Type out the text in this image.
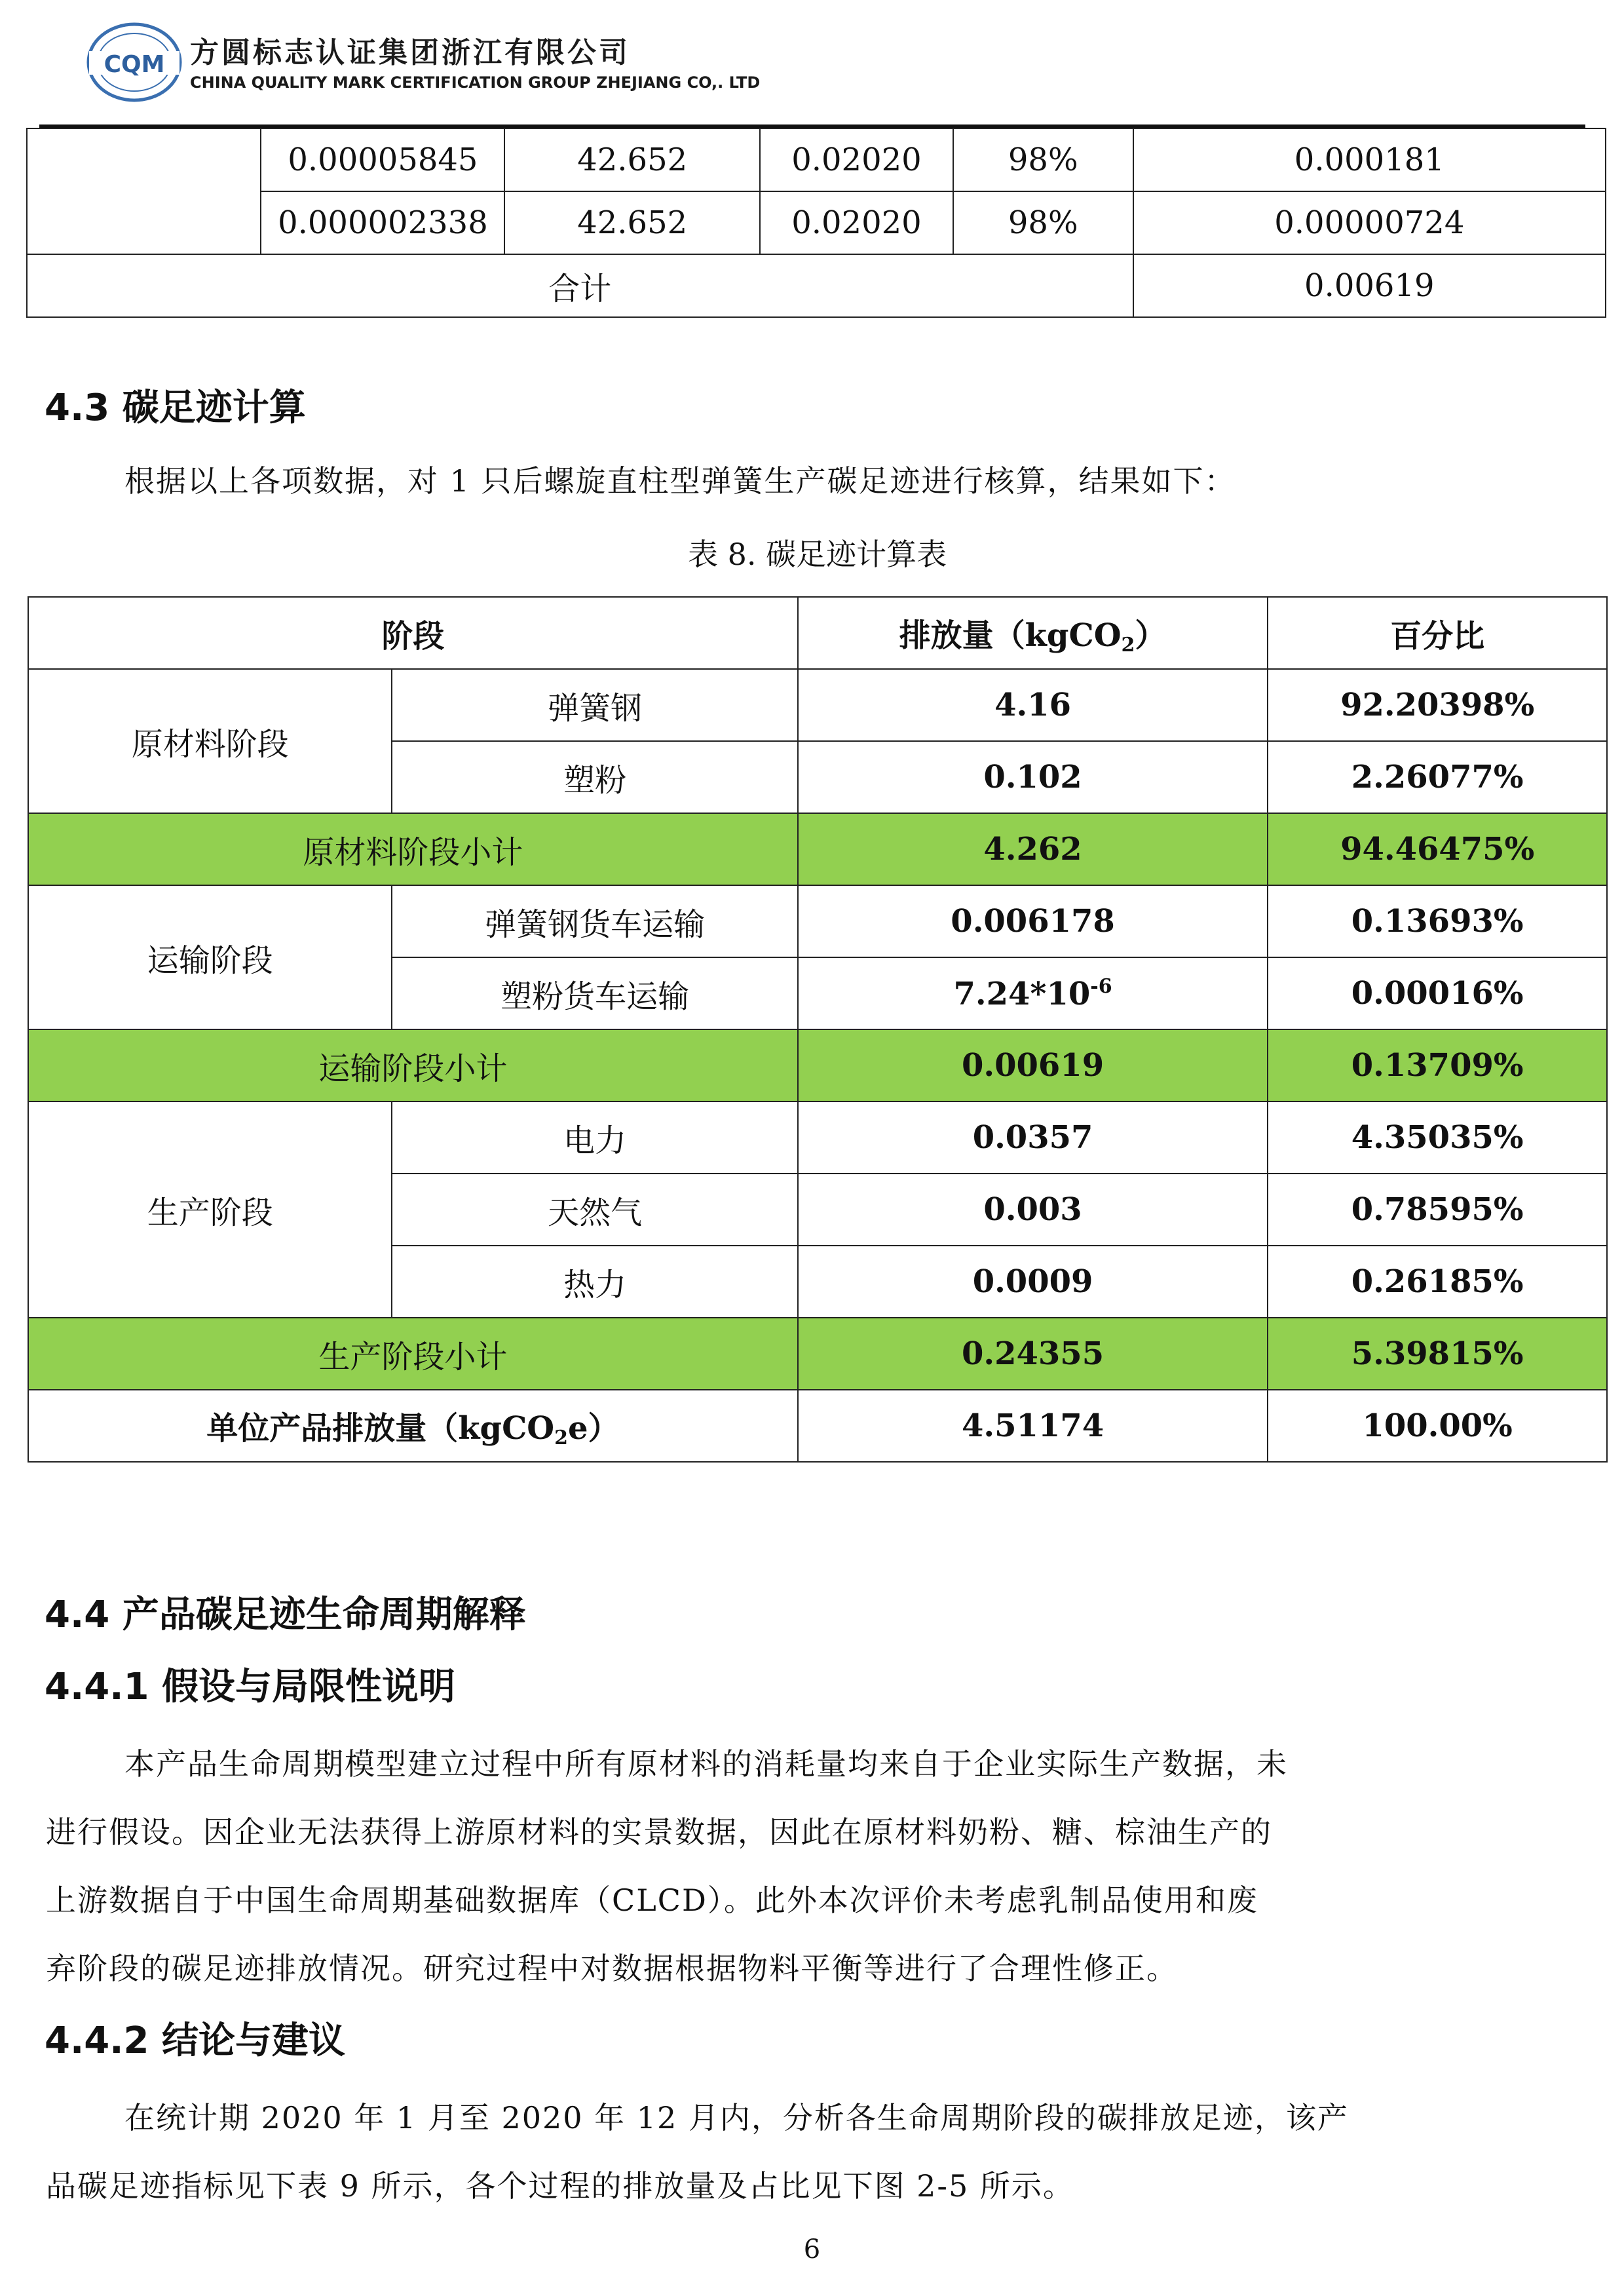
CQM 方圆标志认证集团浙江有限公司
CHINA QUALITY MARK CERTIFICATION GROUP ZHEJIANG CO,. LTD
	0.00005845	42.652	0.02020	98%	0.000181
	0.000002338	42.652	0.02020	98%	0.00000724
合计					0.00619
4.3 碳足迹计算
根据以上各项数据，对 1 只后螺旋直柱型弹簧生产碳足迹进行核算，结果如下：
表 8. 碳足迹计算表
阶段		排放量（kgCO$_2$）	百分比
原材料阶段	弹簧钢	4.16	92.20398%
	塑粉	0.102	2.26077%
原材料阶段小计		4.262	94.46475%
运输阶段	弹簧钢货车运输	0.006178	0.13693%
	塑粉货车运输	$7.24*10^{-6}$	0.00016%
运输阶段小计		0.00619	0.13709%
生产阶段	电力	0.0357	4.35035%
	天然气	0.003	0.78595%
	热力	0.0009	0.26185%
生产阶段小计		0.24355	5.39815%
单位产品排放量（kgCO$_2$e）		4.51174	100.00%
4.4 产品碳足迹生命周期解释
4.4.1 假设与局限性说明
本产品生命周期模型建立过程中所有原材料的消耗量均来自于企业实际生产数据，未
进行假设。因企业无法获得上游原材料的实景数据，因此在原材料奶粉、糖、棕油生产的
上游数据自于中国生命周期基础数据库（CLCD）。此外本次评价未考虑乳制品使用和废
弃阶段的碳足迹排放情况。研究过程中对数据根据物料平衡等进行了合理性修正。
4.4.2 结论与建议
在统计期 2020 年 1 月至 2020 年 12 月内，分析各生命周期阶段的碳排放足迹，该产
品碳足迹指标见下表 9 所示，各个过程的排放量及占比见下图 2-5 所示。
6
